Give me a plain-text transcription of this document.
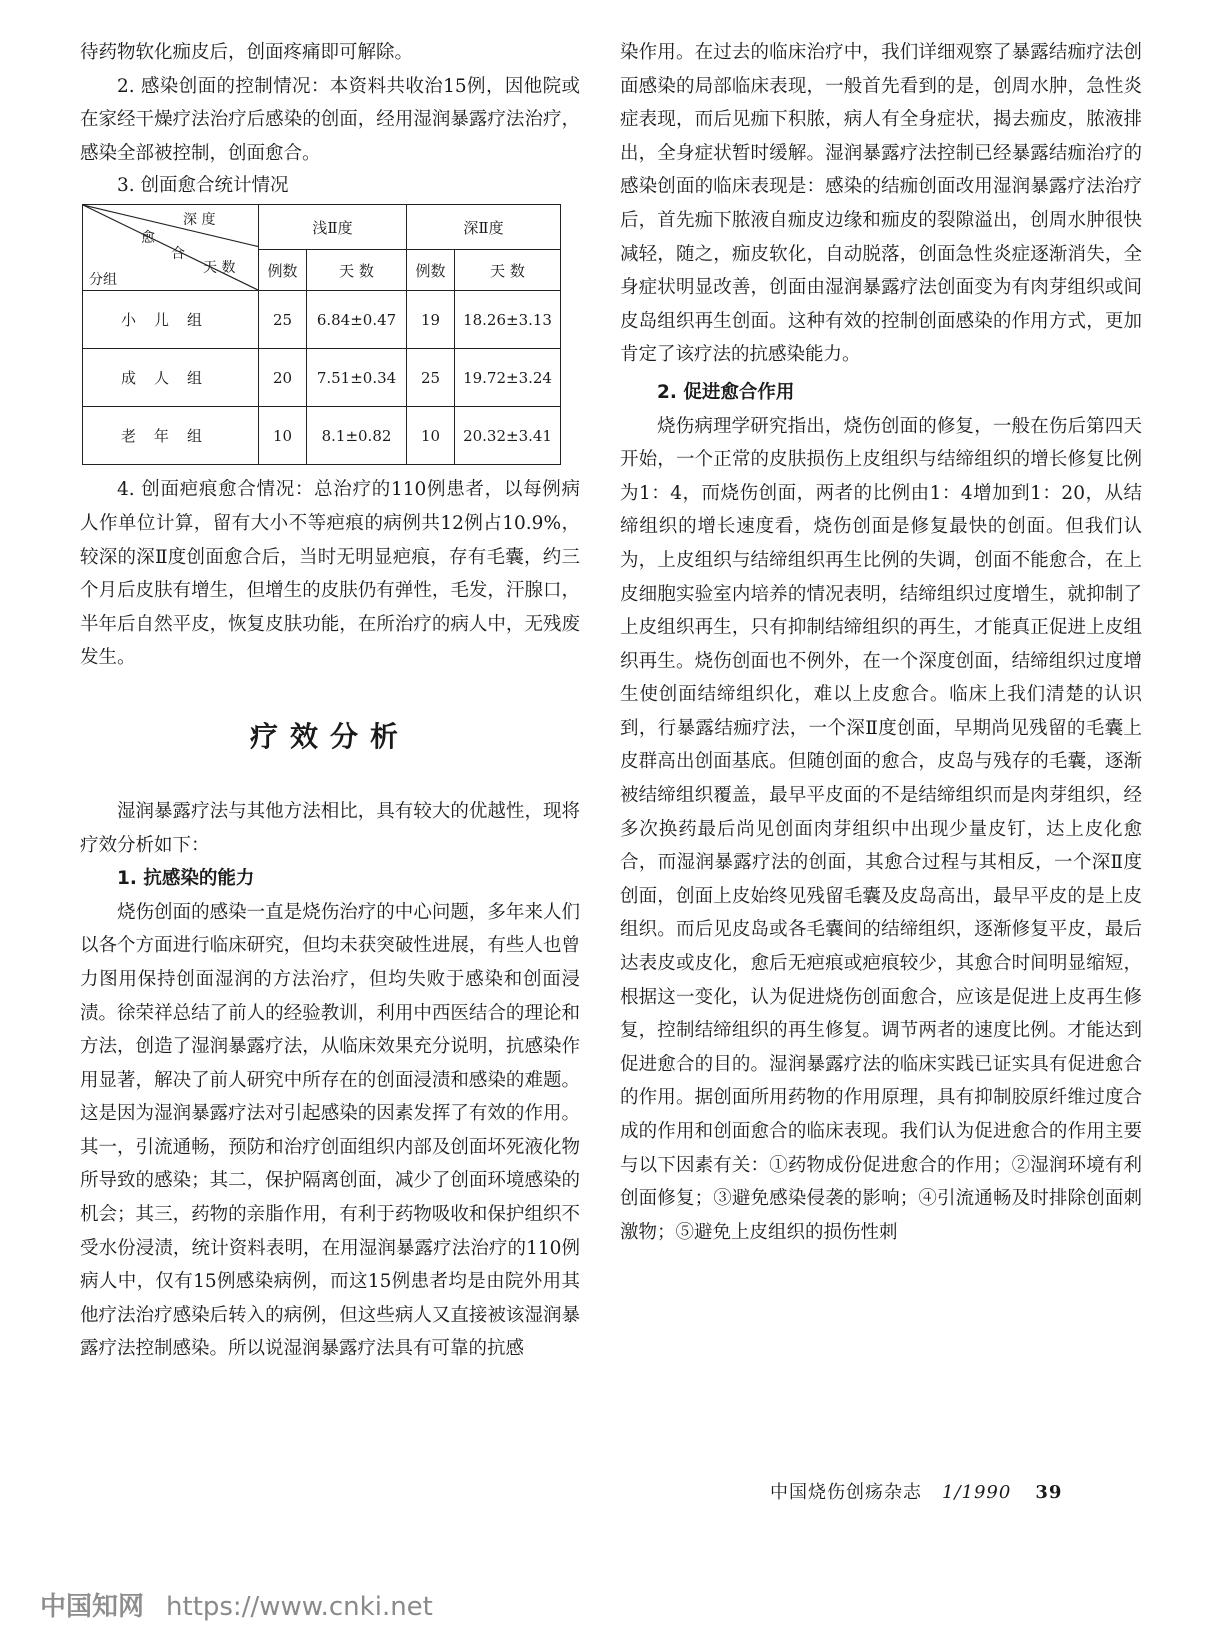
待药物软化痂皮后，创面疼痛即可解除。

2. 感染创面的控制情况：本资料共收治15例，因他院或在家经干燥疗法治疗后感染的创面，经用湿润暴露疗法治疗，感染全部被控制，创面愈合。

3. 创面愈合统计情况

深 度
愈
合
天 数
分组	浅Ⅱ度		深Ⅱ度	
	例数	天 数	例数	天 数
小儿组	25	6.84±0.47	19	18.26±3.13
成人组	20	7.51±0.34	25	19.72±3.24
老年组	10	8.1±0.82	10	20.32±3.41

4. 创面疤痕愈合情况：总治疗的110例患者，以每例病人作单位计算，留有大小不等疤痕的病例共12例占10.9%，较深的深Ⅱ度创面愈合后，当时无明显疤痕，存有毛囊，约三个月后皮肤有增生，但增生的皮肤仍有弹性，毛发，汗腺口，半年后自然平皮，恢复皮肤功能，在所治疗的病人中，无残废发生。

疗效分析

湿润暴露疗法与其他方法相比，具有较大的优越性，现将疗效分析如下：

1. 抗感染的能力

烧伤创面的感染一直是烧伤治疗的中心问题，多年来人们以各个方面进行临床研究，但均未获突破性进展，有些人也曾力图用保持创面湿润的方法治疗，但均失败于感染和创面浸渍。徐荣祥总结了前人的经验教训，利用中西医结合的理论和方法，创造了湿润暴露疗法，从临床效果充分说明，抗感染作用显著，解决了前人研究中所存在的创面浸渍和感染的难题。这是因为湿润暴露疗法对引起感染的因素发挥了有效的作用。其一，引流通畅，预防和治疗创面组织内部及创面坏死液化物所导致的感染；其二，保护隔离创面，减少了创面环境感染的机会；其三，药物的亲脂作用，有利于药物吸收和保护组织不受水份浸渍，统计资料表明，在用湿润暴露疗法治疗的110例病人中，仅有15例感染病例，而这15例患者均是由院外用其他疗法治疗感染后转入的病例，但这些病人又直接被该湿润暴露疗法控制感染。所以说湿润暴露疗法具有可靠的抗感

染作用。在过去的临床治疗中，我们详细观察了暴露结痂疗法创面感染的局部临床表现，一般首先看到的是，创周水肿，急性炎症表现，而后见痂下积脓，病人有全身症状，揭去痂皮，脓液排出，全身症状暂时缓解。湿润暴露疗法控制已经暴露结痂治疗的感染创面的临床表现是：感染的结痂创面改用湿润暴露疗法治疗后，首先痂下脓液自痂皮边缘和痂皮的裂隙溢出，创周水肿很快减轻，随之，痂皮软化，自动脱落，创面急性炎症逐渐消失，全身症状明显改善，创面由湿润暴露疗法创面变为有肉芽组织或间皮岛组织再生创面。这种有效的控制创面感染的作用方式，更加肯定了该疗法的抗感染能力。

2. 促进愈合作用

烧伤病理学研究指出，烧伤创面的修复，一般在伤后第四天开始，一个正常的皮肤损伤上皮组织与结缔组织的增长修复比例为1：4，而烧伤创面，两者的比例由1：4增加到1：20，从结缔组织的增长速度看，烧伤创面是修复最快的创面。但我们认为，上皮组织与结缔组织再生比例的失调，创面不能愈合，在上皮细胞实验室内培养的情况表明，结缔组织过度增生，就抑制了上皮组织再生，只有抑制结缔组织的再生，才能真正促进上皮组织再生。烧伤创面也不例外，在一个深度创面，结缔组织过度增生使创面结缔组织化，难以上皮愈合。临床上我们清楚的认识到，行暴露结痂疗法，一个深Ⅱ度创面，早期尚见残留的毛囊上皮群高出创面基底。但随创面的愈合，皮岛与残存的毛囊，逐渐被结缔组织覆盖，最早平皮面的不是结缔组织而是肉芽组织，经多次换药最后尚见创面肉芽组织中出现少量皮钉，达上皮化愈合，而湿润暴露疗法的创面，其愈合过程与其相反，一个深Ⅱ度创面，创面上皮始终见残留毛囊及皮岛高出，最早平皮的是上皮组织。而后见皮岛或各毛囊间的结缔组织，逐渐修复平皮，最后达表皮或皮化，愈后无疤痕或疤痕较少，其愈合时间明显缩短，根据这一变化，认为促进烧伤创面愈合，应该是促进上皮再生修复，控制结缔组织的再生修复。调节两者的速度比例。才能达到促进愈合的目的。湿润暴露疗法的临床实践已证实具有促进愈合的作用。据创面所用药物的作用原理，具有抑制胶原纤维过度合成的作用和创面愈合的临床表现。我们认为促进愈合的作用主要与以下因素有关：①药物成份促进愈合的作用；②湿润环境有利创面修复；③避免感染侵袭的影响；④引流通畅及时排除创面刺激物；⑤避免上皮组织的损伤性刺

中国烧伤创疡杂志 1/1990 39
中国知网 https://www.cnki.net
